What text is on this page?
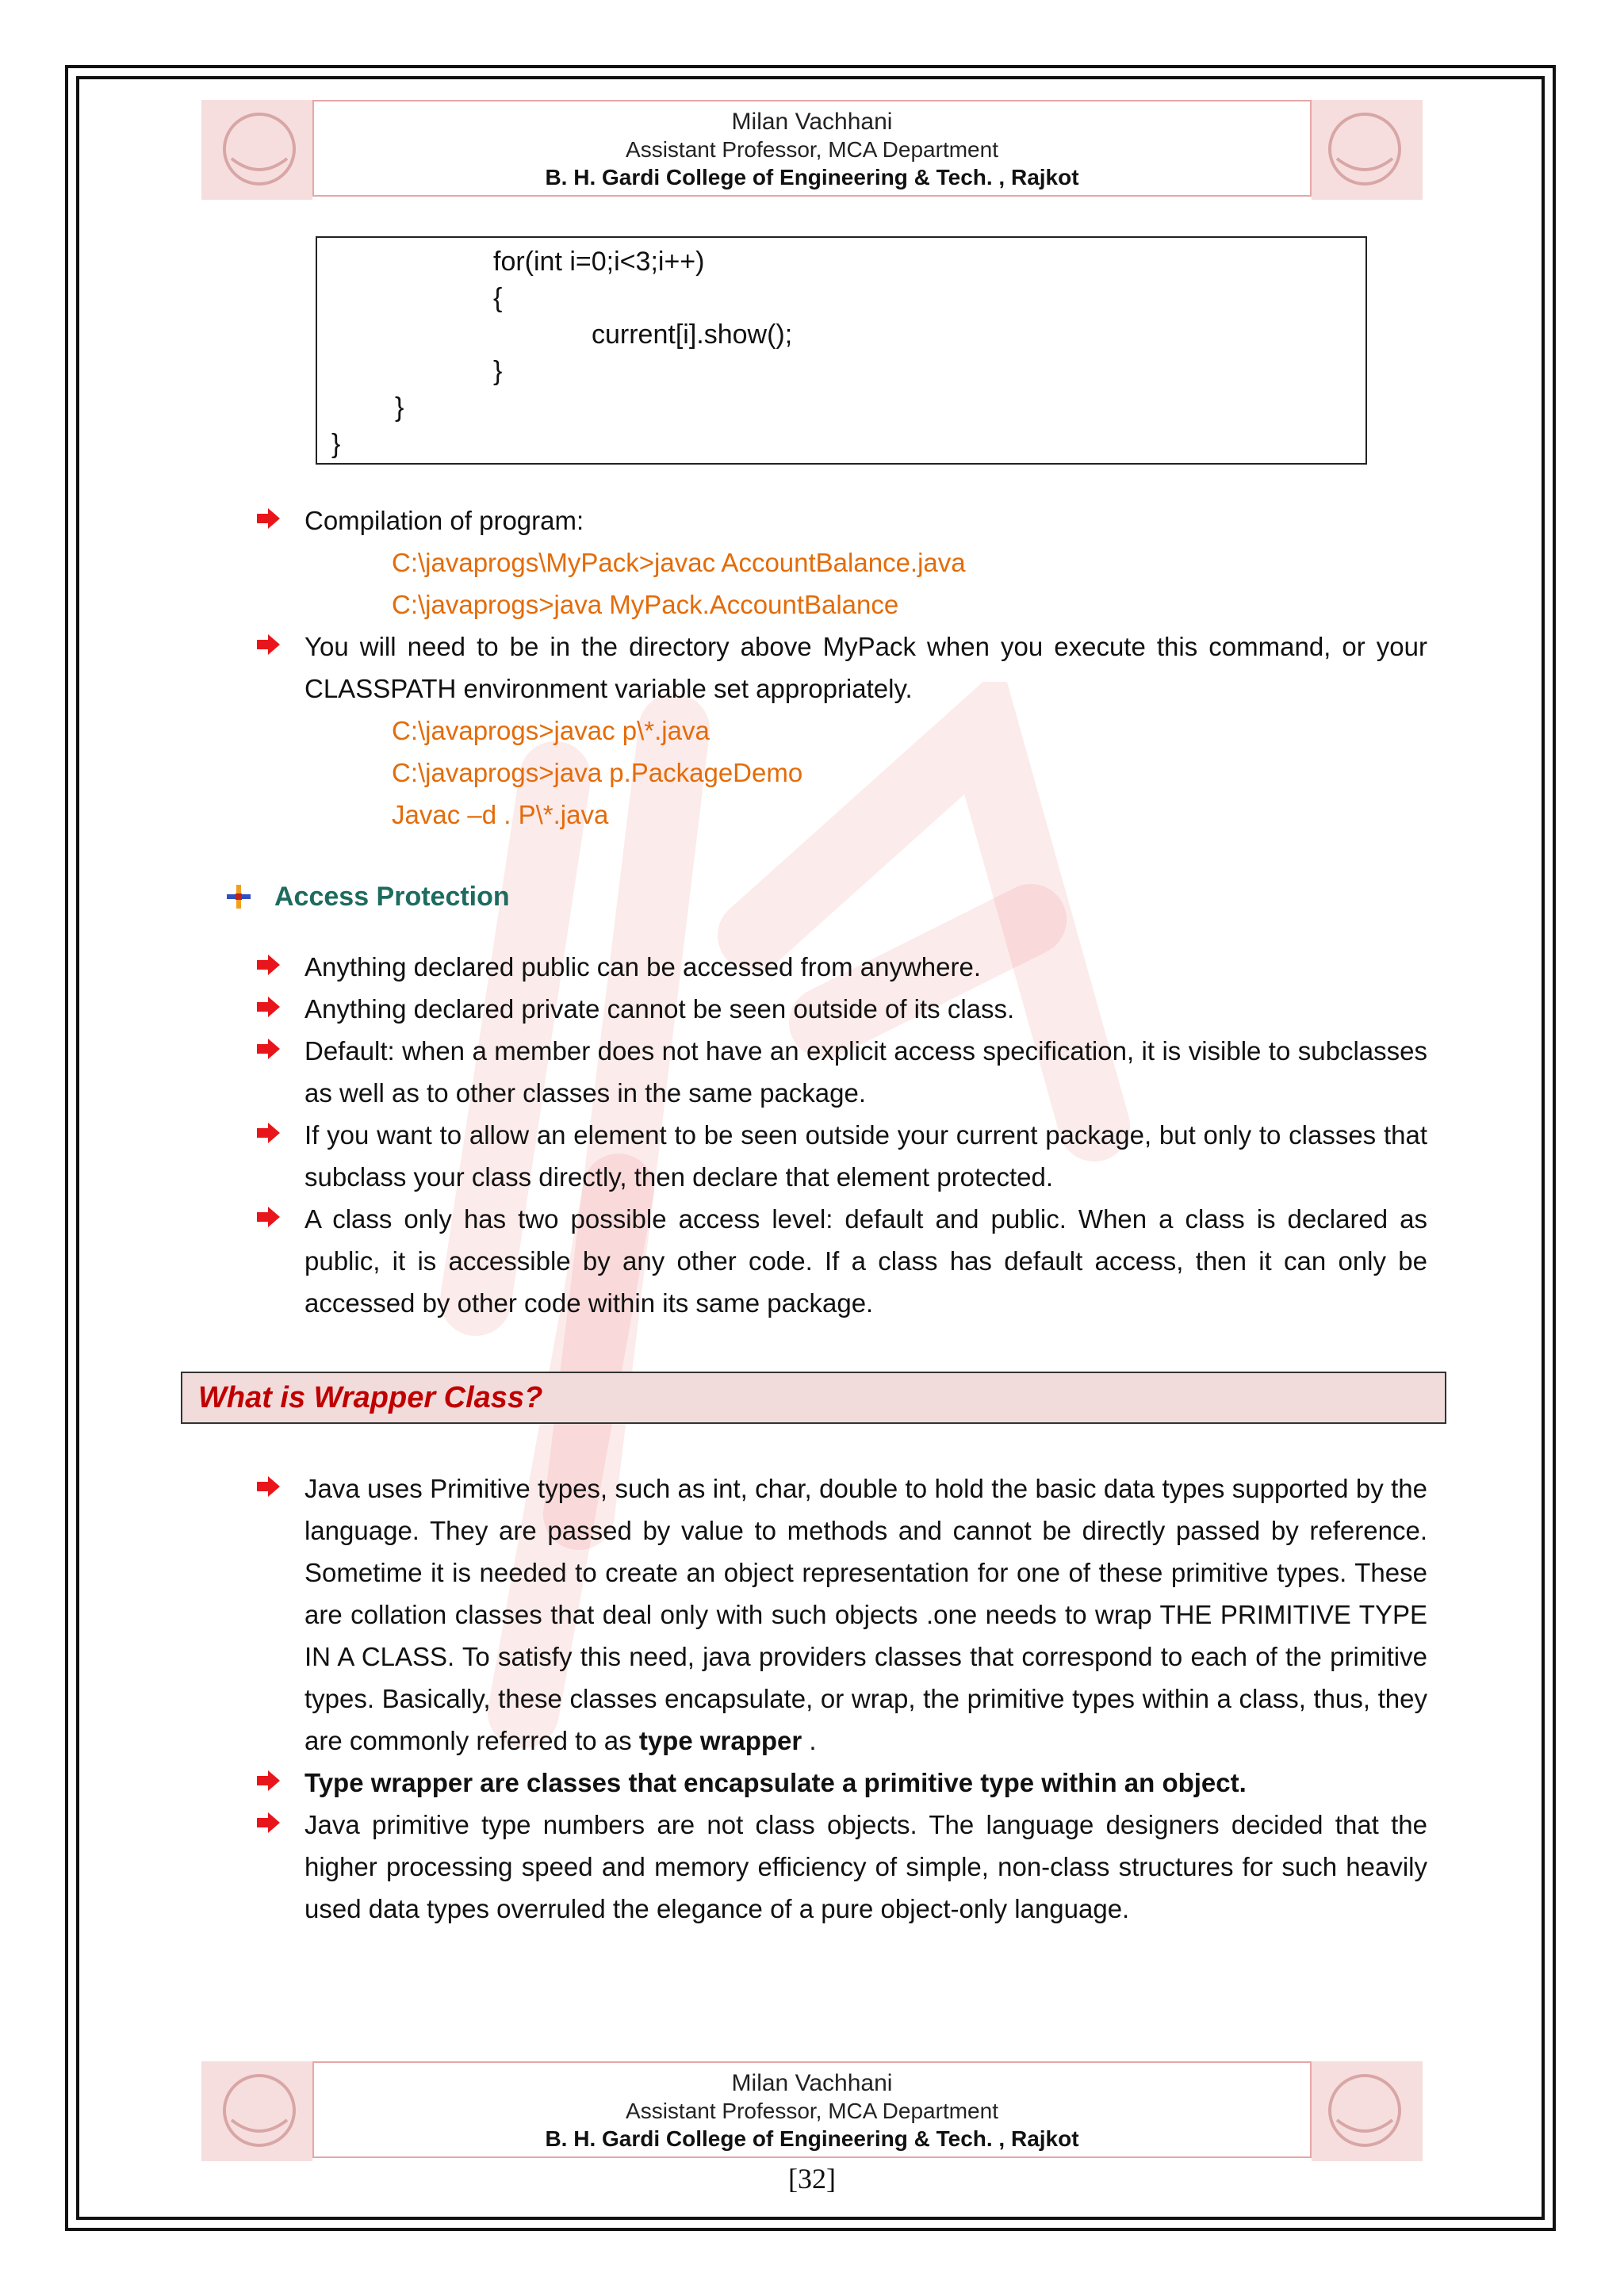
Milan Vachhani
Assistant Professor, MCA Department
B. H. Gardi College of Engineering & Tech. , Rajkot
for(int i=0;i<3;i++)
{
current[i].show();
}
}
}
Compilation of program:
C:\javaprogs\MyPack>javac AccountBalance.java
C:\javaprogs>java MyPack.AccountBalance
You will need to be in the directory above MyPack when you execute this command, or your CLASSPATH environment variable set appropriately.
C:\javaprogs>javac p\*.java
C:\javaprogs>java p.PackageDemo
Javac –d . P\*.java
Access Protection
Anything declared public can be accessed from anywhere.
Anything declared private cannot be seen outside of its class.
Default: when a member does not have an explicit access specification, it is visible to subclasses as well as to other classes in the same package.
If you want to allow an element to be seen outside your current package, but only to classes that subclass your class directly, then declare that element protected.
A class only has two possible access level: default and public. When a class is declared as public, it is accessible by any other code. If a class has default access, then it can only be accessed by other code within its same package.
What is Wrapper Class?
Java uses Primitive types, such as int, char, double to hold the basic data types supported by the language. They are passed by value to methods and cannot be directly passed by reference. Sometime it is needed to create an object representation for one of these primitive types. These are collation classes that deal only with such objects .one needs to wrap THE PRIMITIVE TYPE IN A CLASS. To satisfy this need, java providers classes that correspond to each of the primitive types. Basically, these classes encapsulate, or wrap, the primitive types within a class, thus, they are commonly referred to as type wrapper .
Type wrapper are classes that encapsulate a primitive type within an object.
Java primitive type numbers are not class objects. The language designers decided that the higher processing speed and memory efficiency of simple, non-class structures for such heavily used data types overruled the elegance of a pure object-only language.
Milan Vachhani
Assistant Professor, MCA Department
B. H. Gardi College of Engineering & Tech. , Rajkot
[32]
